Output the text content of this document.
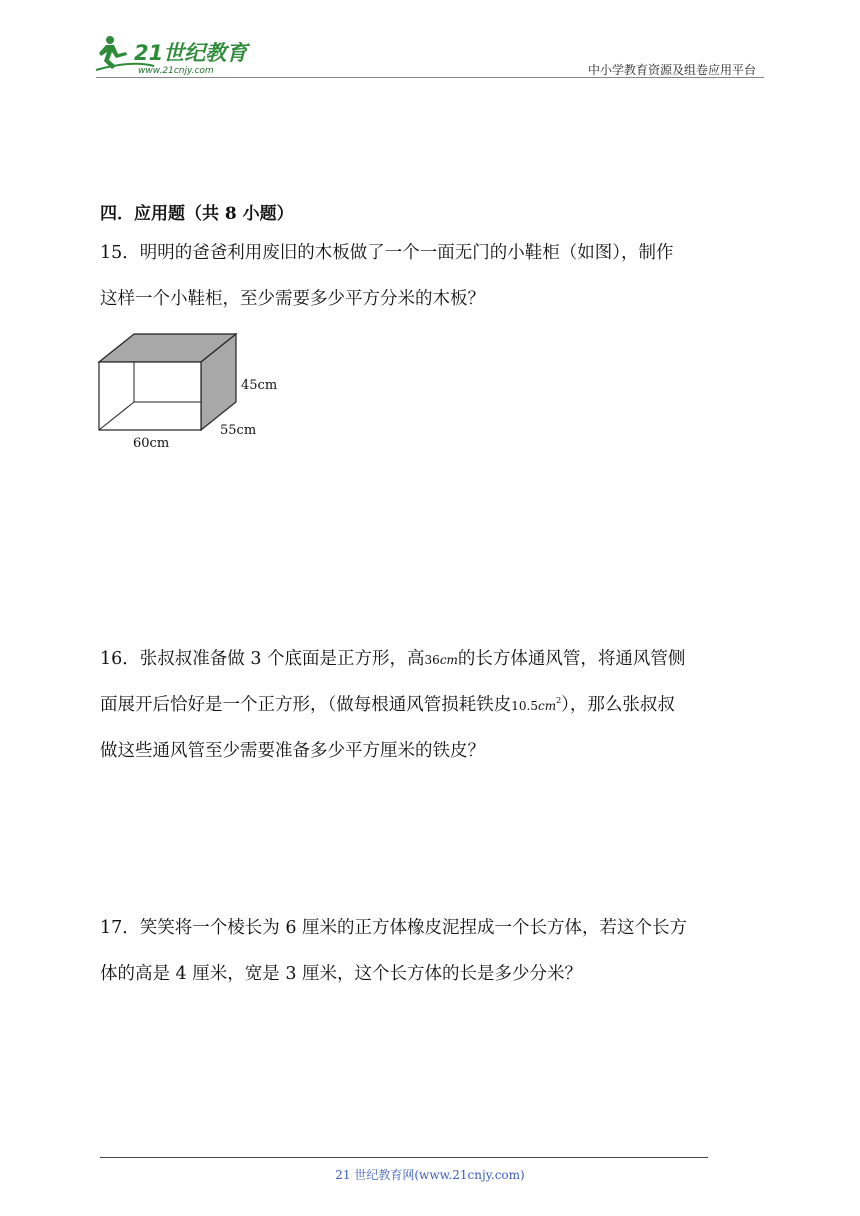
21世纪教育
www.21cnjy.com	中小学教育资源及组卷应用平台
四．应用题（共 8 小题）
15．明明的爸爸利用废旧的木板做了一个一面无门的小鞋柜（如图），制作
这样一个小鞋柜，至少需要多少平方分米的木板？
45cm
55cm
60cm
16．张叔叔准备做 3 个底面是正方形，高36cm的长方体通风管，将通风管侧
面展开后恰好是一个正方形，（做每根通风管损耗铁皮$10.5cm^2$），那么张叔叔
做这些通风管至少需要准备多少平方厘米的铁皮？
17．笑笑将一个棱长为 6 厘米的正方体橡皮泥捏成一个长方体，若这个长方
体的高是 4 厘米，宽是 3 厘米，这个长方体的长是多少分米？
21 世纪教育网(www.21cnjy.com)
